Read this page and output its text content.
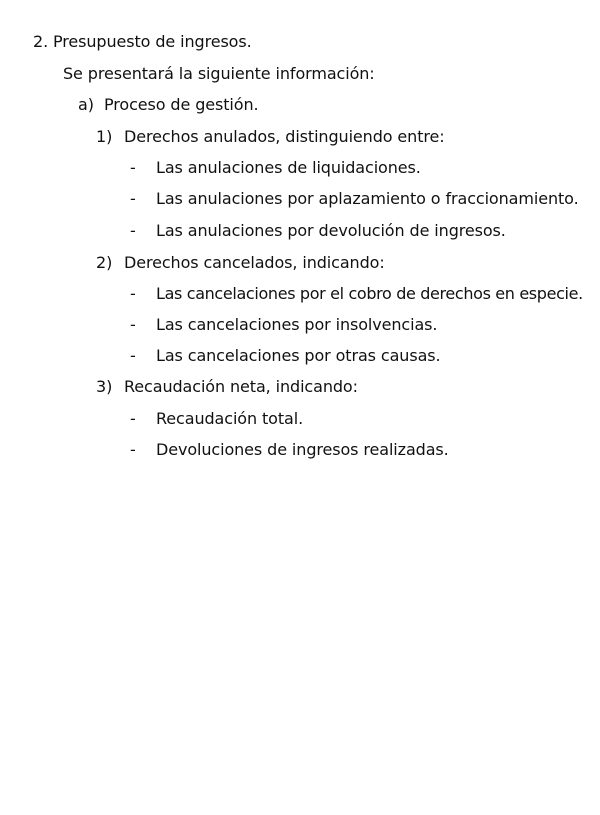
2. Presupuesto de ingresos.
Se presentará la siguiente información:
a) Proceso de gestión.
1) Derechos anulados, distinguiendo entre:
- Las anulaciones de liquidaciones.
- Las anulaciones por aplazamiento o fraccionamiento.
- Las anulaciones por devolución de ingresos.
2) Derechos cancelados, indicando:
- Las cancelaciones por el cobro de derechos en especie.
- Las cancelaciones por insolvencias.
- Las cancelaciones por otras causas.
3) Recaudación neta, indicando:
- Recaudación total.
- Devoluciones de ingresos realizadas.
